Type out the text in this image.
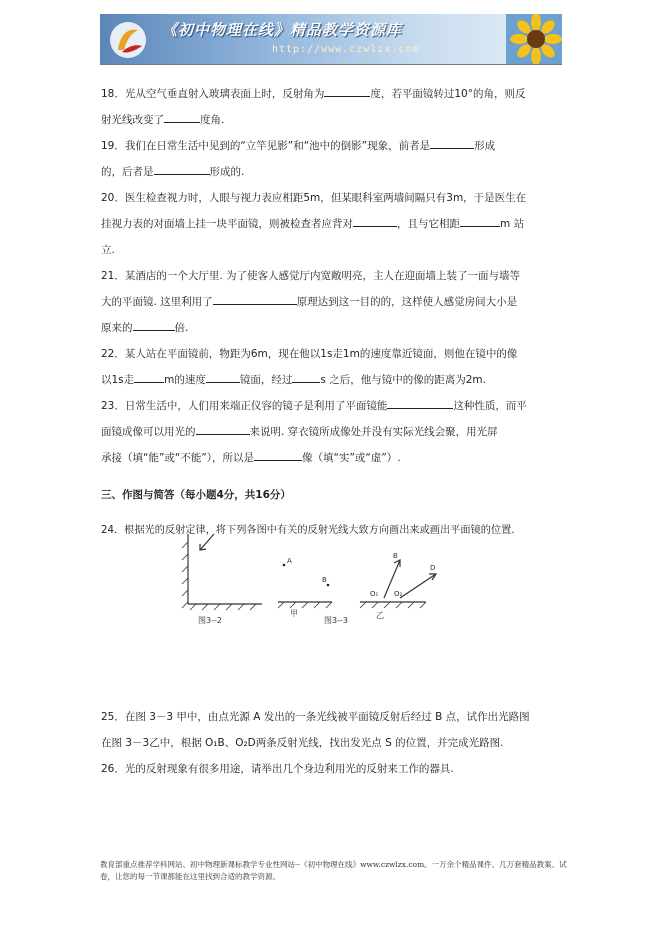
《初中物理在线》精品教学资源库
http://www.czwlzx.com

18．光从空气垂直射入玻璃表面上时，反射角为	度，若平面镜转过10°的角，则反
射光线改变了	度角.

19．我们在日常生活中见到的“立竿见影”和“池中的倒影”现象，前者是	形成
的，后者是	形成的.

20．医生检查视力时，人眼与视力表应相距5m，但某眼科室两墙间隔只有3m，于是医生在
挂视力表的对面墙上挂一块平面镜，则被检查者应背对	，且与它相距	m 站
立.

21．某酒店的一个大厅里. 为了使客人感觉厅内宽敞明亮，主人在迎面墙上装了一面与墙等
大的平面镜. 这里利用了	原理达到这一目的的，这样使人感觉房间大小是
原来的	倍.

22．某人站在平面镜前，物距为6m，现在他以1s走1m的速度靠近镜面，则他在镜中的像
以1s走	m的速度	镜面，经过	s 之后，他与镜中的像的距离为2m.

23．日常生活中，人们用来端正仪容的镜子是利用了平面镜能	这种性质，而平
面镜成像可以用光的	来说明. 穿衣镜所成像处并没有实际光线会聚，用光屏
承接（填“能”或“不能”），所以是	像（填“实”或“虚”）.

三、作图与简答（每小题4分，共16分）

24．根据光的反射定律，将下列各图中有关的反射光线大致方向画出来或画出平面镜的位置.

A
B
B
D
O₁ O₂
图3--2
甲
图3--3
乙

25．在图 3－3 甲中，由点光源 A 发出的一条光线被平面镜反射后经过 B 点，试作出光路图
在图 3－3乙中，根据 O₁B、O₂D两条反射光线，找出发光点 S 的位置，并完成光路图.

26．光的反射现象有很多用途，请举出几个身边利用光的反射来工作的器具.

教育部重点推荐学科网站、初中物理新课标教学专业性网站--《初中物理在线》www.czwlzx.com。一万余个精品课件、几万套精品教案、试卷，让您的每一节课都能在这里找到合适的教学资源。
